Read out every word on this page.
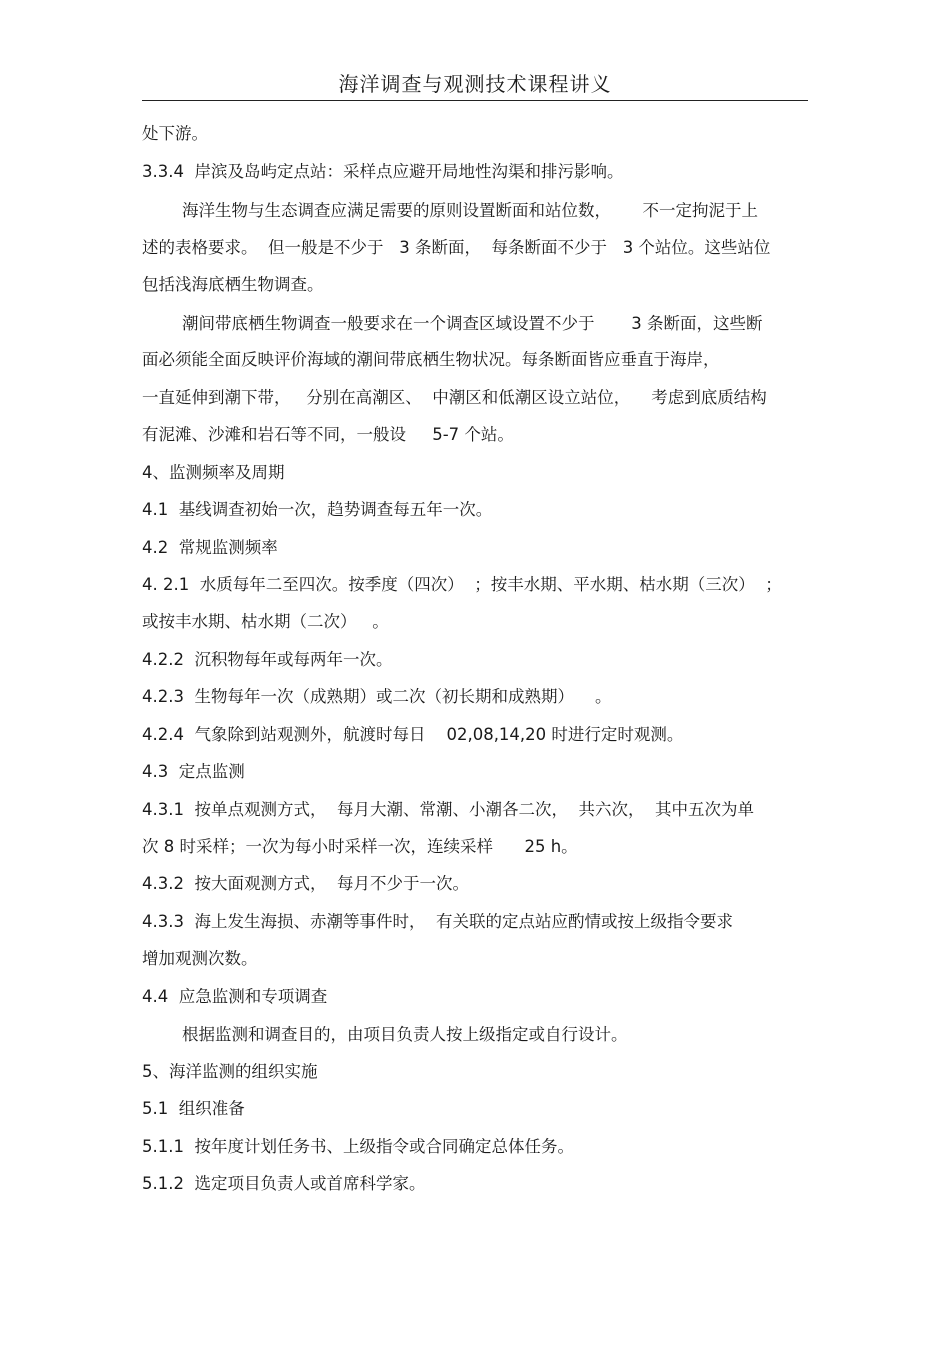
海洋调查与观测技术课程讲义
处下游。
3.3.4  岸滨及岛屿定点站：采样点应避开局地性沟渠和排污影响。
海洋生物与生态调查应满足需要的原则设置断面和站位数，      不一定拘泥于上
述的表格要求。  但一般是不少于   3 条断面，  每条断面不少于   3 个站位。这些站位
包括浅海底栖生物调查。
潮间带底栖生物调查一般要求在一个调查区域设置不少于       3 条断面，这些断
面必须能全面反映评价海域的潮间带底栖生物状况。每条断面皆应垂直于海岸，
一直延伸到潮下带，   分别在高潮区、  中潮区和低潮区设立站位，    考虑到底质结构
有泥滩、沙滩和岩石等不同，一般设     5-7 个站。
4、监测频率及周期
4.1  基线调查初始一次，趋势调查每五年一次。
4.2  常规监测频率
4. 2.1  水质每年二至四次。按季度（四次）  ；按丰水期、平水期、枯水期（三次）  ；
或按丰水期、枯水期（二次）   。
4.2.2  沉积物每年或每两年一次。
4.2.3  生物每年一次（成熟期）或二次（初长期和成熟期）    。
4.2.4  气象除到站观测外，航渡时每日    02,08,14,20 时进行定时观测。
4.3  定点监测
4.3.1  按单点观测方式，  每月大潮、常潮、小潮各二次，  共六次，  其中五次为单
次 8 时采样；一次为每小时采样一次，连续采样      25 h。
4.3.2  按大面观测方式，  每月不少于一次。
4.3.3  海上发生海损、赤潮等事件时，  有关联的定点站应酌情或按上级指令要求
增加观测次数。
4.4  应急监测和专项调查
根据监测和调查目的，由项目负责人按上级指定或自行设计。
5、海洋监测的组织实施
5.1  组织准备
5.1.1  按年度计划任务书、上级指令或合同确定总体任务。
5.1.2  选定项目负责人或首席科学家。
